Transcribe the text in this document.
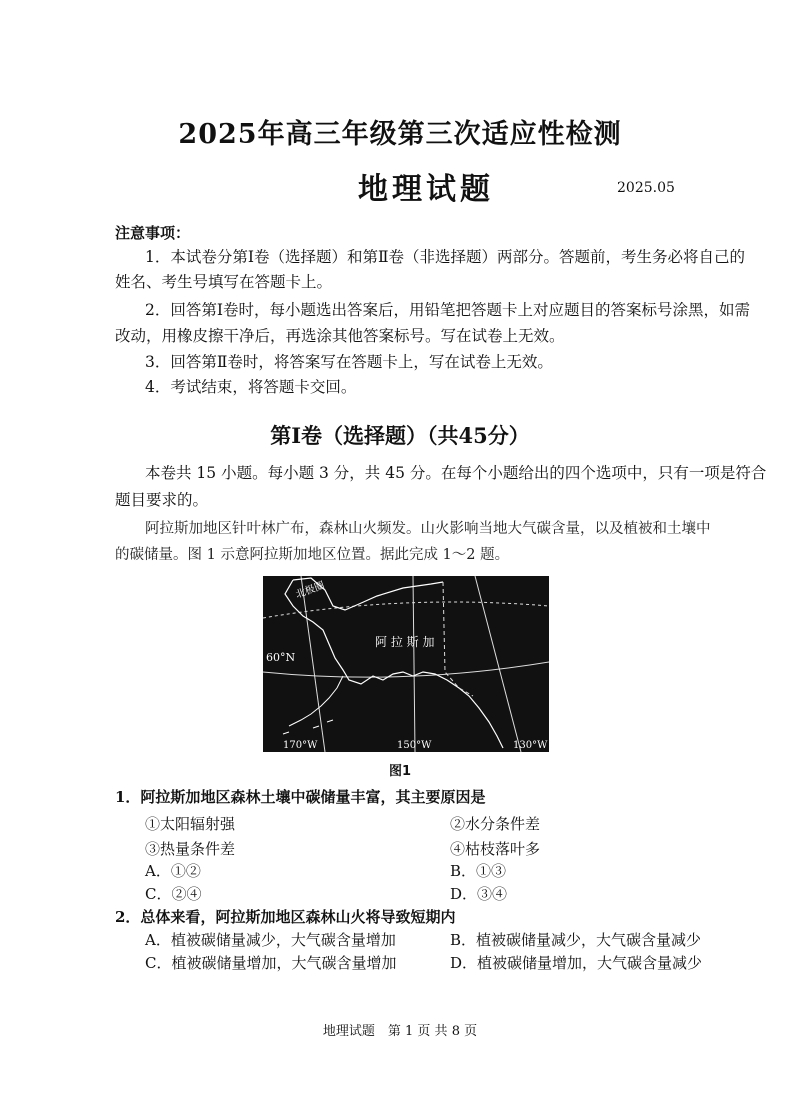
2025年高三年级第三次适应性检测
地理试题	2025.05
注意事项：
1．本试卷分第Ⅰ卷（选择题）和第Ⅱ卷（非选择题）两部分。答题前，考生务必将自己的
姓名、考生号填写在答题卡上。
2．回答第Ⅰ卷时，每小题选出答案后，用铅笔把答题卡上对应题目的答案标号涂黑，如需
改动，用橡皮擦干净后，再选涂其他答案标号。写在试卷上无效。
3．回答第Ⅱ卷时，将答案写在答题卡上，写在试卷上无效。
4．考试结束，将答题卡交回。
第Ⅰ卷（选择题）（共45分）
本卷共 15 小题。每小题 3 分，共 45 分。在每个小题给出的四个选项中，只有一项是符合
题目要求的。
阿拉斯加地区针叶林广布，森林山火频发。山火影响当地大气碳含量，以及植被和土壤中
的碳储量。图 1 示意阿拉斯加地区位置。据此完成 1～2 题。
北极圈
阿 拉 斯 加
170°W	150°W	130°W
60°N
图1
1．阿拉斯加地区森林土壤中碳储量丰富，其主要原因是
①太阳辐射强	②水分条件差
③热量条件差	④枯枝落叶多
A．①②	B．①③
C．②④	D．③④
2．总体来看，阿拉斯加地区森林山火将导致短期内
A．植被碳储量减少，大气碳含量增加	B．植被碳储量减少，大气碳含量减少
C．植被碳储量增加，大气碳含量增加	D．植被碳储量增加，大气碳含量减少
地理试题　第 1 页 共 8 页
